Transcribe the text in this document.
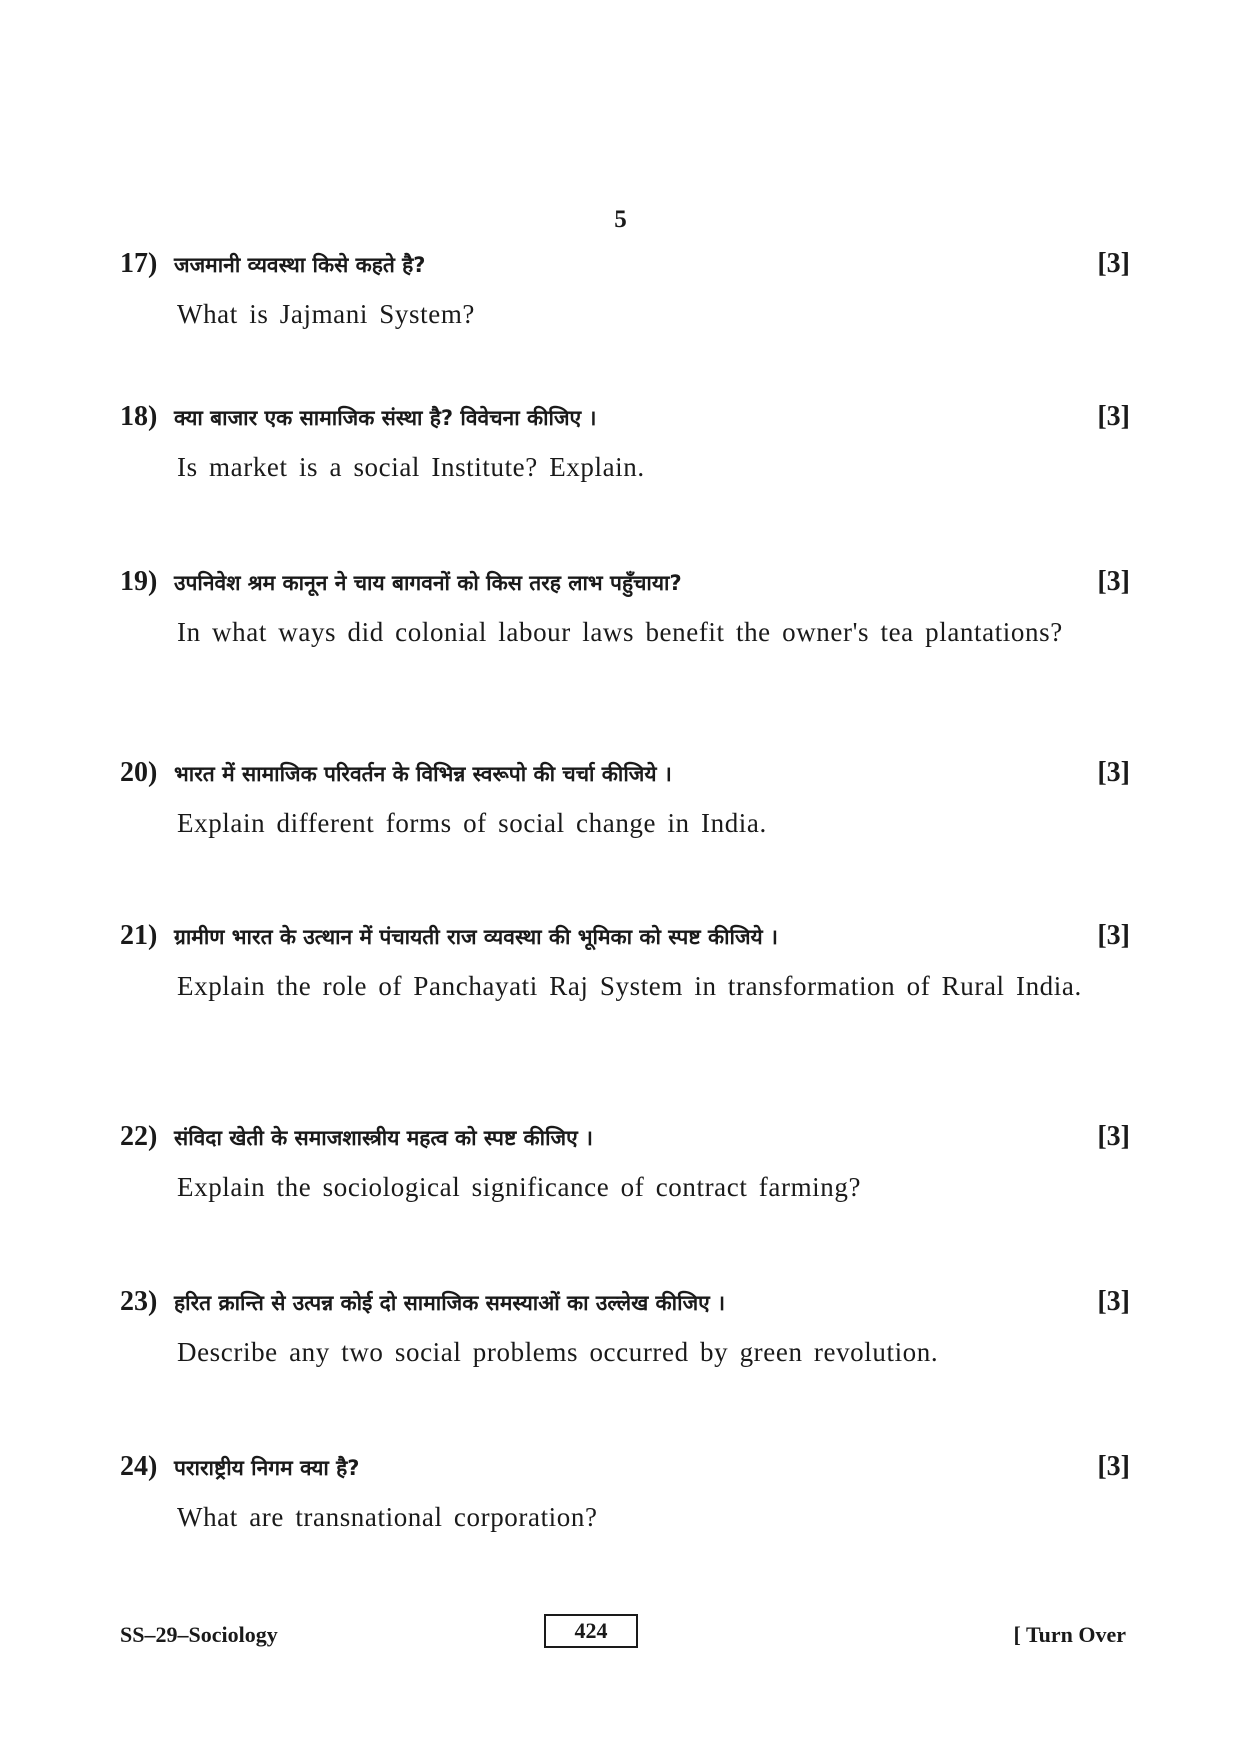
5
17) जजमानी व्यवस्था किसे कहते है?	[3]
What is Jajmani System?
18) क्या बाजार एक सामाजिक संस्था है? विवेचना कीजिए ।	[3]
Is market is a social Institute? Explain.
19) उपनिवेश श्रम कानून ने चाय बागवनों को किस तरह लाभ पहुँचाया?	[3]
In what ways did colonial labour laws benefit the owner's tea plantations?
20) भारत में सामाजिक परिवर्तन के विभिन्न स्वरूपो की चर्चा कीजिये ।	[3]
Explain different forms of social change in India.
21) ग्रामीण भारत के उत्थान में पंचायती राज व्यवस्था की भूमिका को स्पष्ट कीजिये ।	[3]
Explain the role of Panchayati Raj System in transformation of Rural India.
22) संविदा खेती के समाजशास्त्रीय महत्व को स्पष्ट कीजिए ।	[3]
Explain the sociological significance of contract farming?
23) हरित क्रान्ति से उत्पन्न कोई दो सामाजिक समस्याओं का उल्लेख कीजिए ।	[3]
Describe any two social problems occurred by green revolution.
24) पराराष्ट्रीय निगम क्या है?	[3]
What are transnational corporation?
SS–29–Sociology	424	[ Turn Over
